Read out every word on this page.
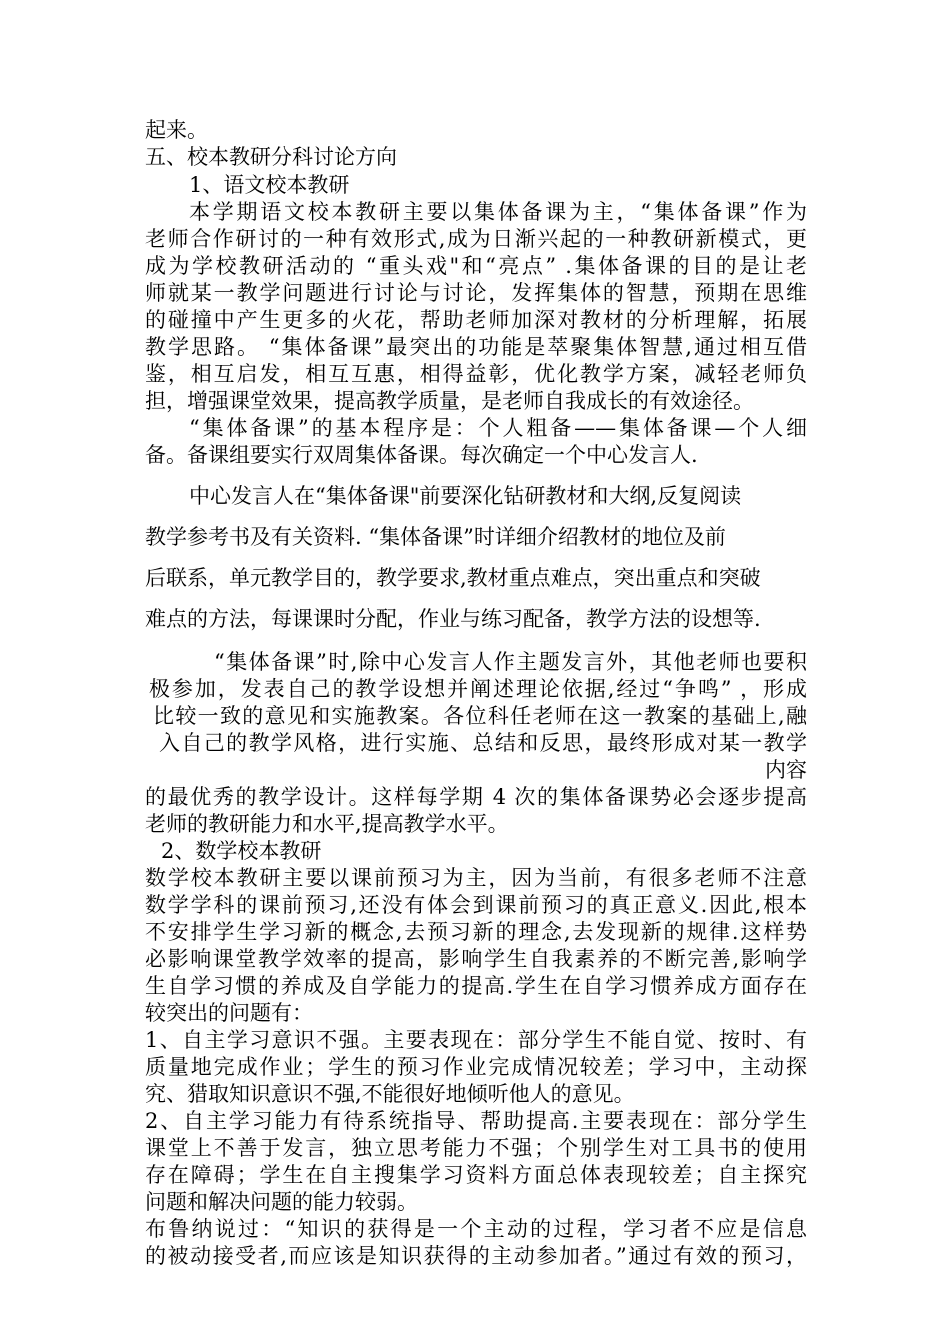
起来。
五、校本教研分科讨论方向
1、语文校本教研
本学期语文校本教研主要以集体备课为主，“集体备课”作为
老师合作研讨的一种有效形式,成为日渐兴起的一种教研新模式，更
成为学校教研活动的 “重头戏"和“亮点” .集体备课的目的是让老
师就某一教学问题进行讨论与讨论，发挥集体的智慧，预期在思维
的碰撞中产生更多的火花，帮助老师加深对教材的分析理解，拓展
教学思路。 “集体备课”最突出的功能是萃聚集体智慧,通过相互借
鉴，相互启发，相互互惠，相得益彰，优化教学方案，减轻老师负
担，增强课堂效果，提高教学质量，是老师自我成长的有效途径。
“集体备课”的基本程序是：个人粗备——集体备课—个人细
备。备课组要实行双周集体备课。每次确定一个中心发言人.
中心发言人在“集体备课"前要深化钻研教材和大纲,反复阅读
教学参考书及有关资料. “集体备课”时详细介绍教材的地位及前
后联系，单元教学目的，教学要求,教材重点难点，突出重点和突破
难点的方法，每课课时分配，作业与练习配备，教学方法的设想等.
“集体备课”时,除中心发言人作主题发言外，其他老师也要积
极参加，发表自己的教学设想并阐述理论依据,经过“争鸣” ，形成
比较一致的意见和实施教案。各位科任老师在这一教案的基础上,融
入自己的教学风格，进行实施、总结和反思，最终形成对某一教学
内容
的最优秀的教学设计。这样每学期 4 次的集体备课势必会逐步提高
老师的教研能力和水平,提高教学水平。
2、数学校本教研
数学校本教研主要以课前预习为主，因为当前，有很多老师不注意
数学学科的课前预习,还没有体会到课前预习的真正意义.因此,根本
不安排学生学习新的概念,去预习新的理念,去发现新的规律.这样势
必影响课堂教学效率的提高，影响学生自我素养的不断完善,影响学
生自学习惯的养成及自学能力的提高.学生在自学习惯养成方面存在
较突出的问题有：
1、自主学习意识不强。主要表现在：部分学生不能自觉、按时、有
质量地完成作业；学生的预习作业完成情况较差；学习中，主动探
究、猎取知识意识不强,不能很好地倾听他人的意见。
2、自主学习能力有待系统指导、帮助提高.主要表现在：部分学生
课堂上不善于发言，独立思考能力不强；个别学生对工具书的使用
存在障碍；学生在自主搜集学习资料方面总体表现较差；自主探究
问题和解决问题的能力较弱。
布鲁纳说过：“知识的获得是一个主动的过程，学习者不应是信息
的被动接受者,而应该是知识获得的主动参加者。”通过有效的预习，
